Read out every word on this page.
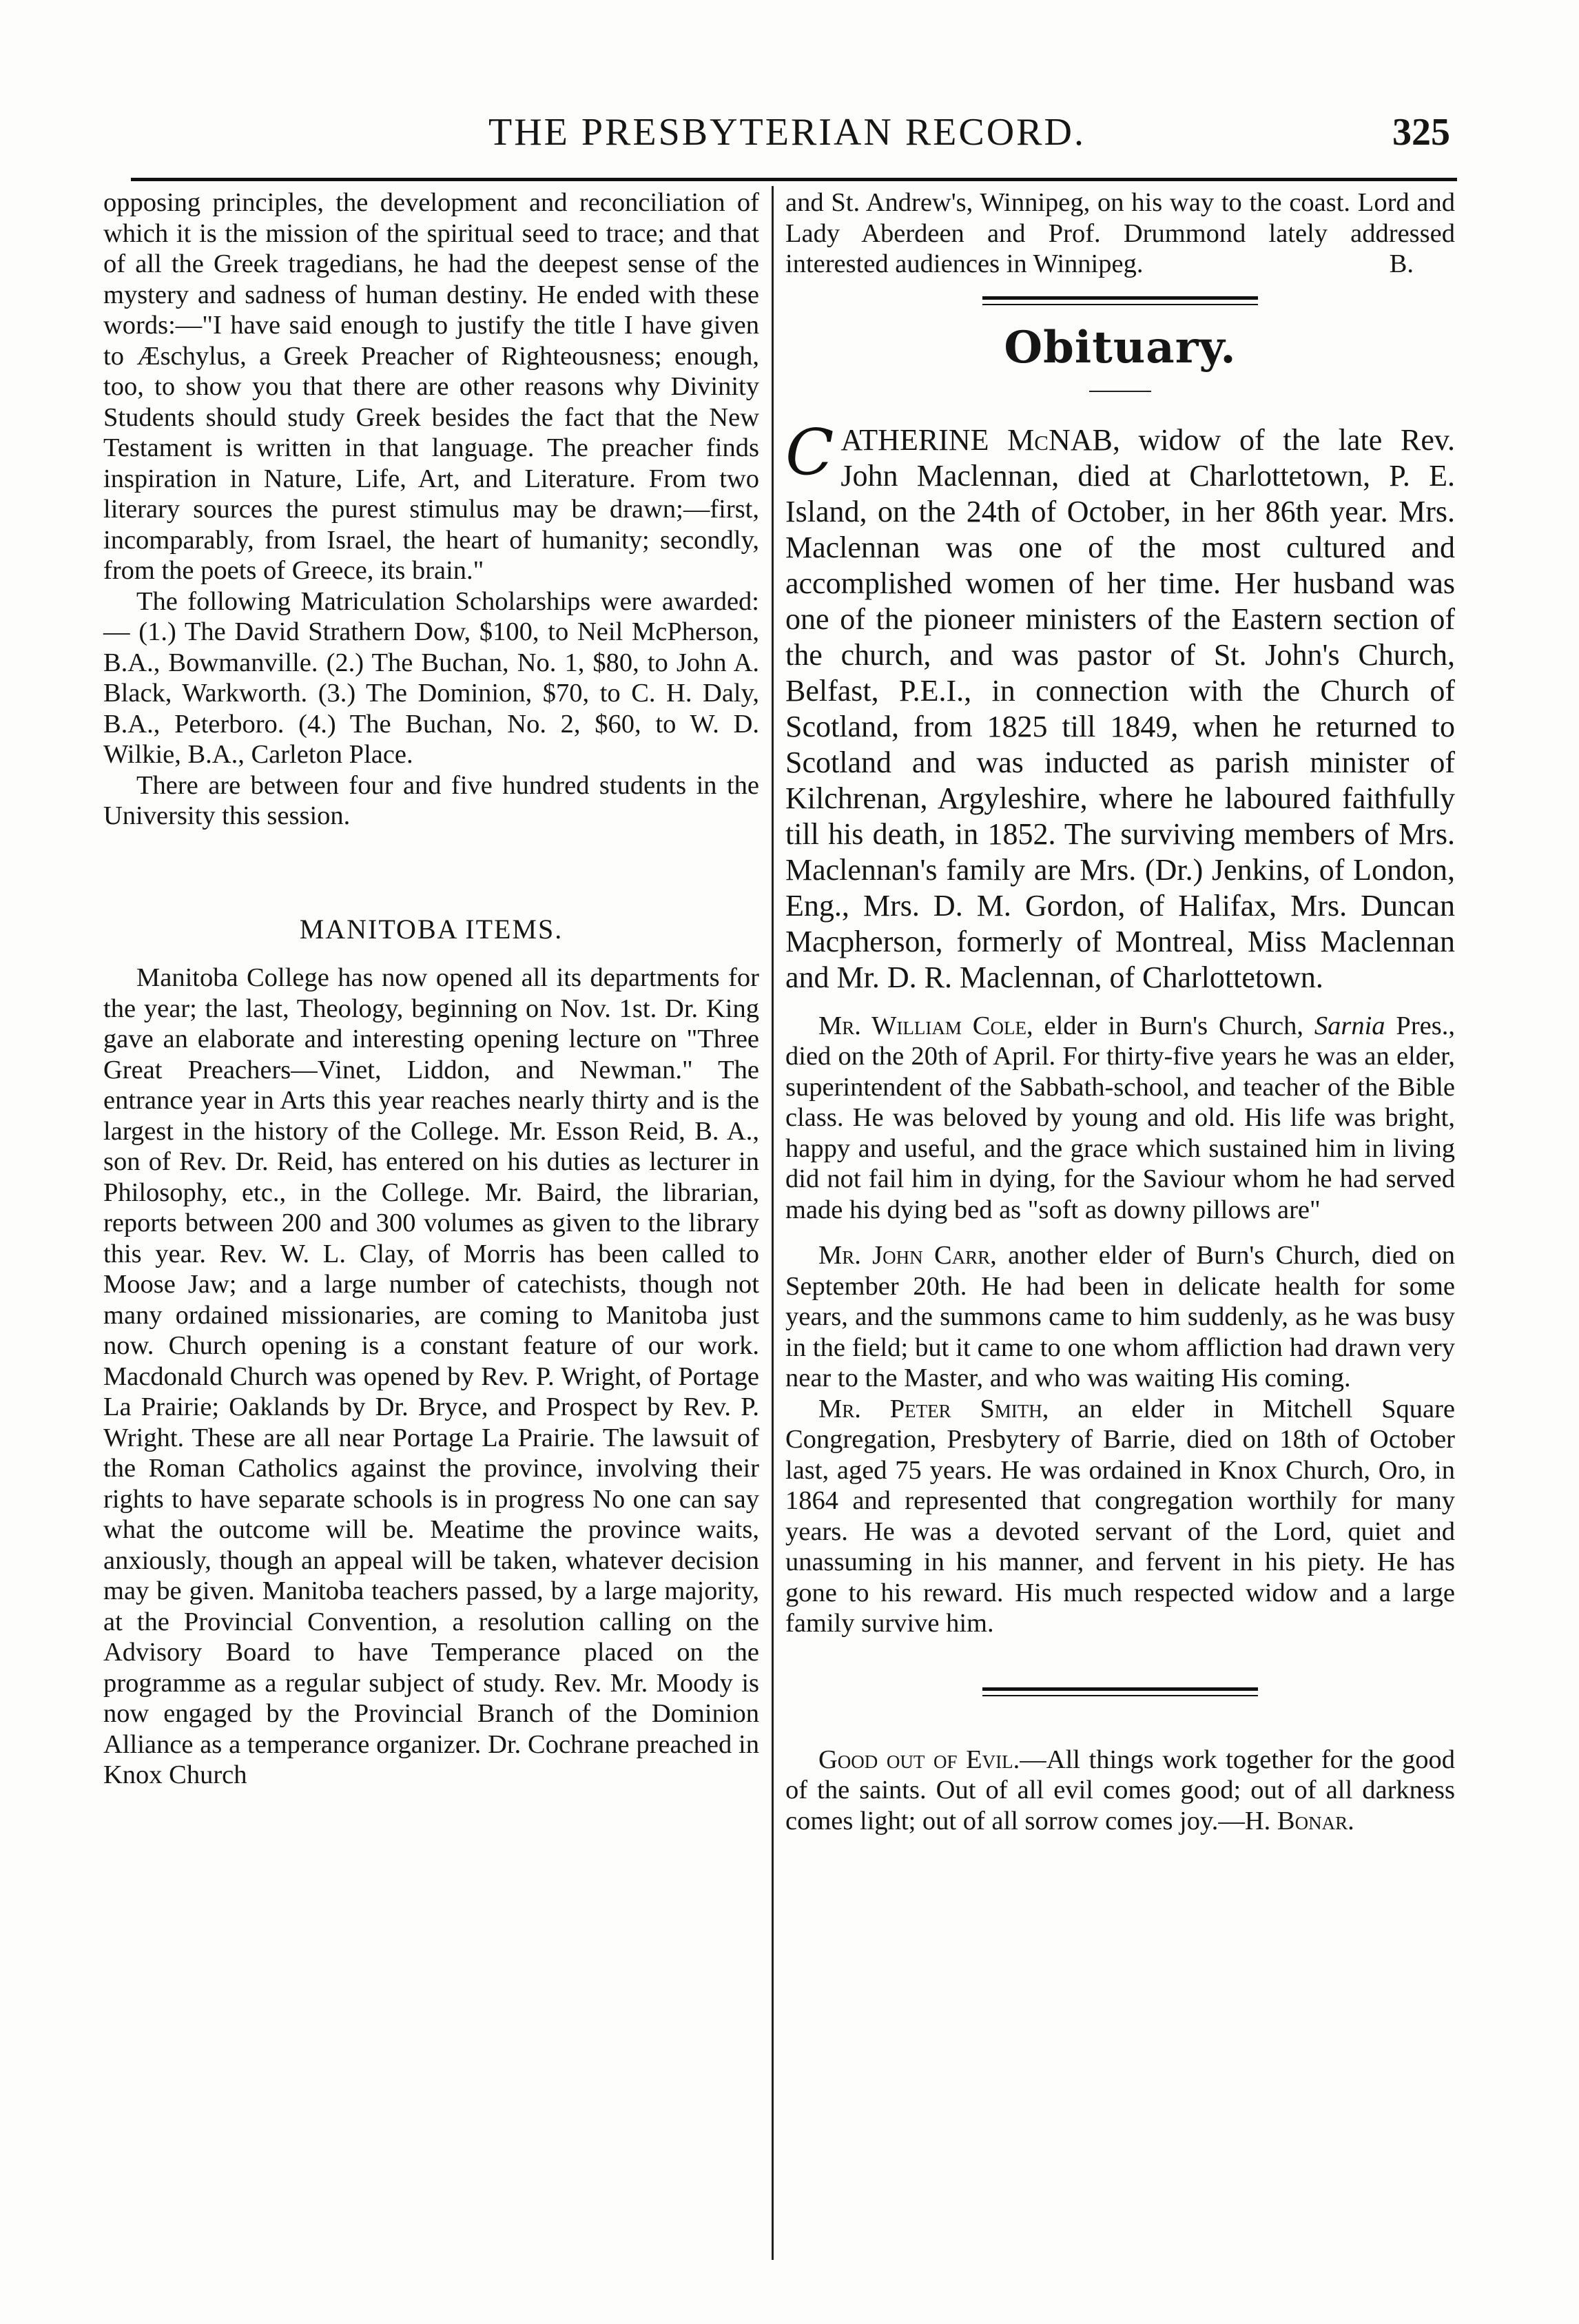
THE PRESBYTERIAN RECORD.	325

opposing principles, the development and reconciliation of which it is the mission of the spiritual seed to trace; and that of all the Greek tragedians, he had the deepest sense of the mystery and sadness of human destiny. He ended with these words:—"I have said enough to justify the title I have given to Æschylus, a Greek Preacher of Righteousness; enough, too, to show you that there are other reasons why Divinity Students should study Greek besides the fact that the New Testament is written in that language. The preacher finds inspiration in Nature, Life, Art, and Literature. From two literary sources the purest stimulus may be drawn;—first, incomparably, from Israel, the heart of humanity; secondly, from the poets of Greece, its brain."

The following Matriculation Scholarships were awarded:— (1.) The David Strathern Dow, $100, to Neil McPherson, B.A., Bowmanville. (2.) The Buchan, No. 1, $80, to John A. Black, Warkworth. (3.) The Dominion, $70, to C. H. Daly, B.A., Peterboro. (4.) The Buchan, No. 2, $60, to W. D. Wilkie, B.A., Carleton Place.

There are between four and five hundred students in the University this session.

MANITOBA ITEMS.

Manitoba College has now opened all its departments for the year; the last, Theology, beginning on Nov. 1st. Dr. King gave an elaborate and interesting opening lecture on "Three Great Preachers—Vinet, Liddon, and Newman." The entrance year in Arts this year reaches nearly thirty and is the largest in the history of the College. Mr. Esson Reid, B. A., son of Rev. Dr. Reid, has entered on his duties as lecturer in Philosophy, etc., in the College. Mr. Baird, the librarian, reports between 200 and 300 volumes as given to the library this year. Rev. W. L. Clay, of Morris has been called to Moose Jaw; and a large number of catechists, though not many ordained missionaries, are coming to Manitoba just now. Church opening is a constant feature of our work. Macdonald Church was opened by Rev. P. Wright, of Portage La Prairie; Oaklands by Dr. Bryce, and Prospect by Rev. P. Wright. These are all near Portage La Prairie. The lawsuit of the Roman Catholics against the province, involving their rights to have separate schools is in progress No one can say what the outcome will be. Meatime the province waits, anxiously, though an appeal will be taken, whatever decision may be given. Manitoba teachers passed, by a large majority, at the Provincial Convention, a resolution calling on the Advisory Board to have Temperance placed on the programme as a regular subject of study. Rev. Mr. Moody is now engaged by the Provincial Branch of the Dominion Alliance as a temperance organizer. Dr. Cochrane preached in Knox Church

and St. Andrew's, Winnipeg, on his way to the coast. Lord and Lady Aberdeen and Prof. Drummond lately addressed interested audiences in Winnipeg.	B.

Obituary.

CATHERINE McNAB, widow of the late Rev. John Maclennan, died at Charlottetown, P. E. Island, on the 24th of October, in her 86th year. Mrs. Maclennan was one of the most cultured and accomplished women of her time. Her husband was one of the pioneer ministers of the Eastern section of the church, and was pastor of St. John's Church, Belfast, P.E.I., in connection with the Church of Scotland, from 1825 till 1849, when he returned to Scotland and was inducted as parish minister of Kilchrenan, Argyleshire, where he laboured faithfully till his death, in 1852. The surviving members of Mrs. Maclennan's family are Mrs. (Dr.) Jenkins, of London, Eng., Mrs. D. M. Gordon, of Halifax, Mrs. Duncan Macpherson, formerly of Montreal, Miss Maclennan and Mr. D. R. Maclennan, of Charlottetown.

Mr. William Cole, elder in Burn's Church, Sarnia Pres., died on the 20th of April. For thirty-five years he was an elder, superintendent of the Sabbath-school, and teacher of the Bible class. He was beloved by young and old. His life was bright, happy and useful, and the grace which sustained him in living did not fail him in dying, for the Saviour whom he had served made his dying bed as "soft as downy pillows are"

Mr. John Carr, another elder of Burn's Church, died on September 20th. He had been in delicate health for some years, and the summons came to him suddenly, as he was busy in the field; but it came to one whom affliction had drawn very near to the Master, and who was waiting His coming.

Mr. Peter Smith, an elder in Mitchell Square Congregation, Presbytery of Barrie, died on 18th of October last, aged 75 years. He was ordained in Knox Church, Oro, in 1864 and represented that congregation worthily for many years. He was a devoted servant of the Lord, quiet and unassuming in his manner, and fervent in his piety. He has gone to his reward. His much respected widow and a large family survive him.

Good out of Evil.—All things work together for the good of the saints. Out of all evil comes good; out of all darkness comes light; out of all sorrow comes joy.—H. Bonar.
